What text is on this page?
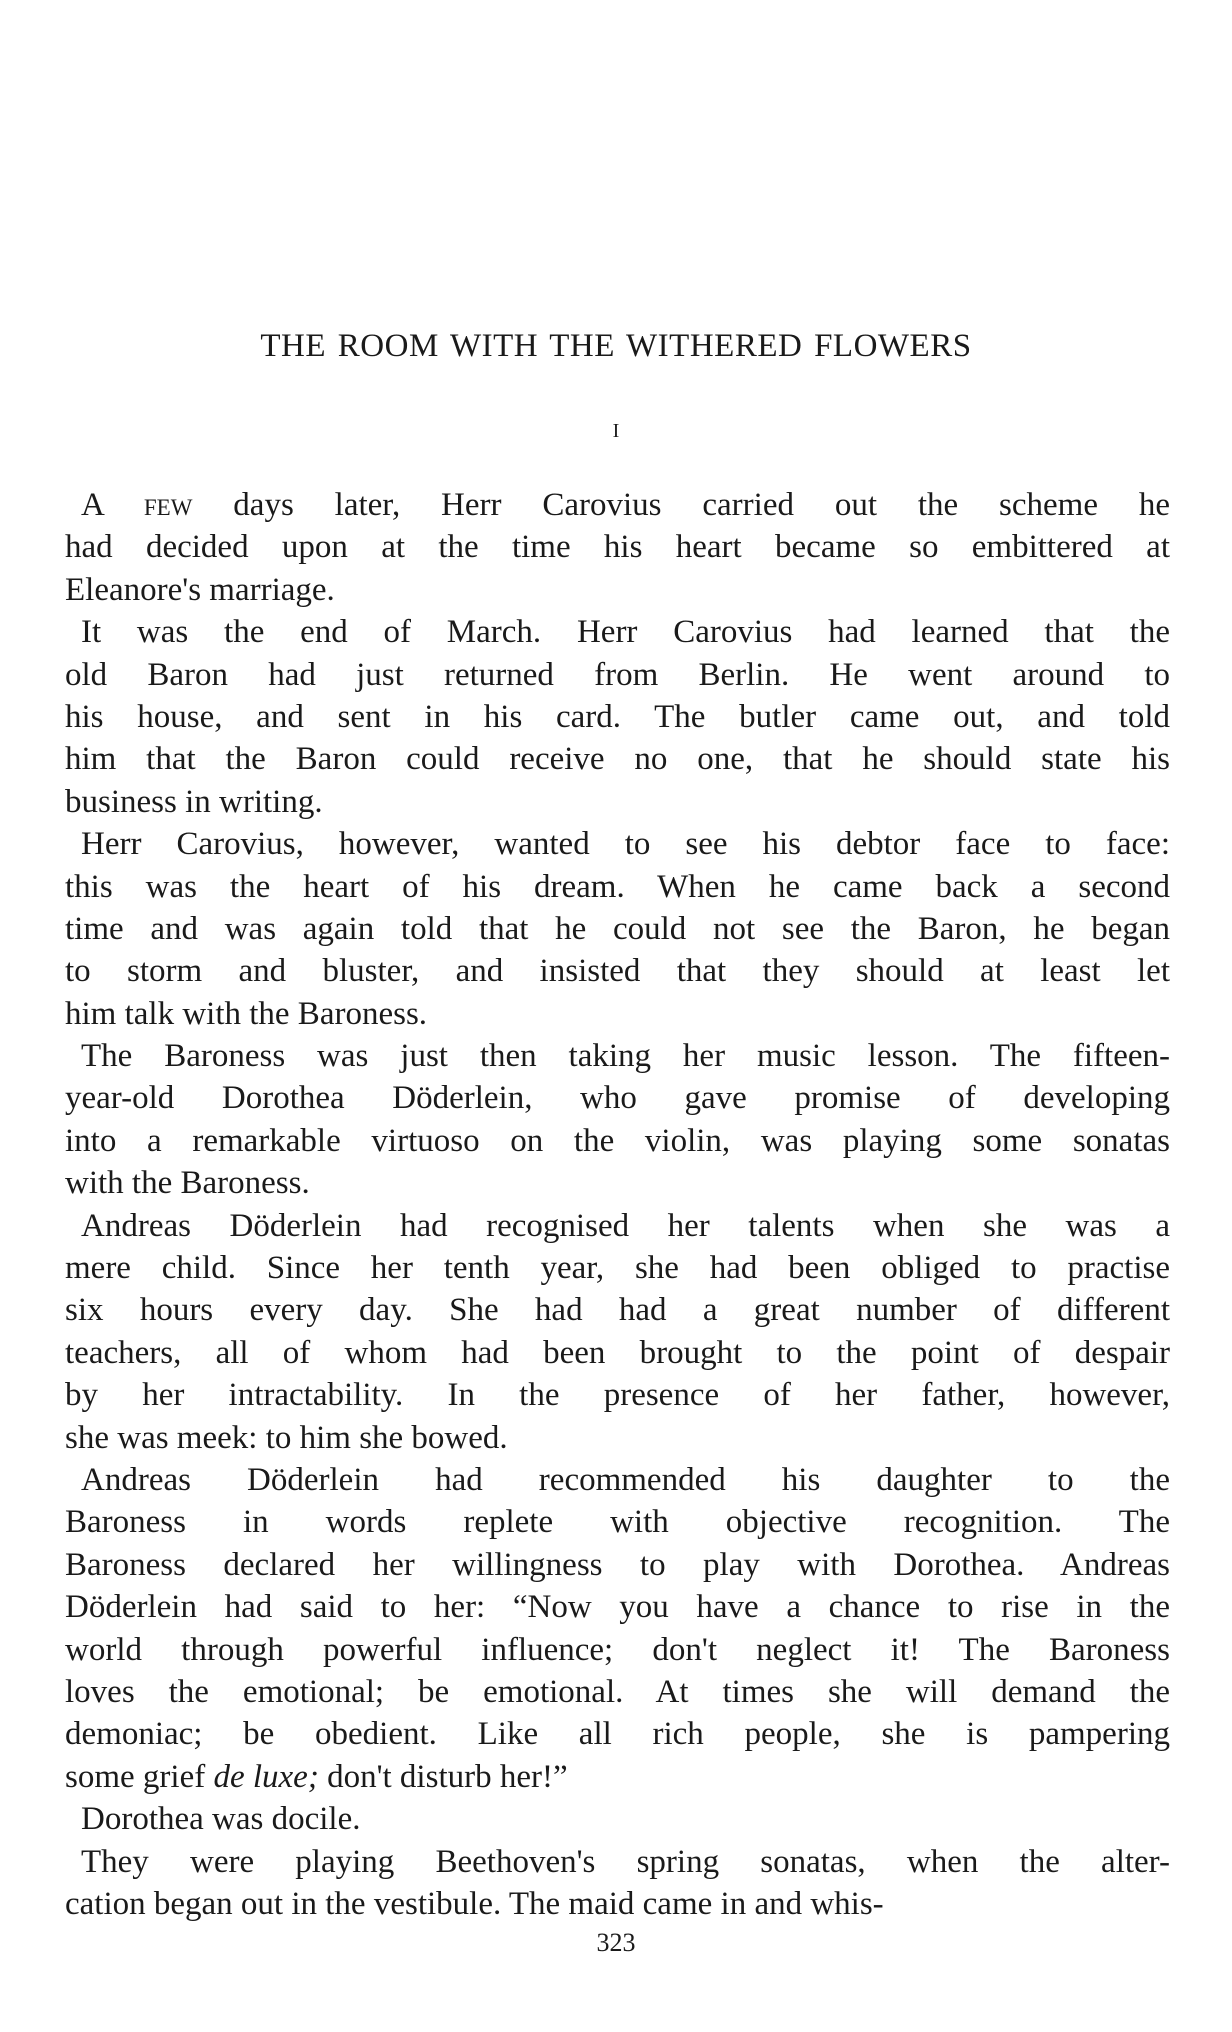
THE ROOM WITH THE WITHERED FLOWERS
I
A few days later, Herr Carovius carried out the scheme he
had decided upon at the time his heart became so embittered at
Eleanore's marriage.
It was the end of March. Herr Carovius had learned that the
old Baron had just returned from Berlin. He went around to
his house, and sent in his card. The butler came out, and told
him that the Baron could receive no one, that he should state his
business in writing.
Herr Carovius, however, wanted to see his debtor face to face:
this was the heart of his dream. When he came back a second
time and was again told that he could not see the Baron, he began
to storm and bluster, and insisted that they should at least let
him talk with the Baroness.
The Baroness was just then taking her music lesson. The fifteen-
year-old Dorothea Döderlein, who gave promise of developing
into a remarkable virtuoso on the violin, was playing some sonatas
with the Baroness.
Andreas Döderlein had recognised her talents when she was a
mere child. Since her tenth year, she had been obliged to practise
six hours every day. She had had a great number of different
teachers, all of whom had been brought to the point of despair
by her intractability. In the presence of her father, however,
she was meek: to him she bowed.
Andreas Döderlein had recommended his daughter to the
Baroness in words replete with objective recognition. The
Baroness declared her willingness to play with Dorothea. Andreas
Döderlein had said to her: “Now you have a chance to rise in the
world through powerful influence; don't neglect it! The Baroness
loves the emotional; be emotional. At times she will demand the
demoniac; be obedient. Like all rich people, she is pampering
some grief de luxe; don't disturb her!”
Dorothea was docile.
They were playing Beethoven's spring sonatas, when the alter-
cation began out in the vestibule. The maid came in and whis-
323
